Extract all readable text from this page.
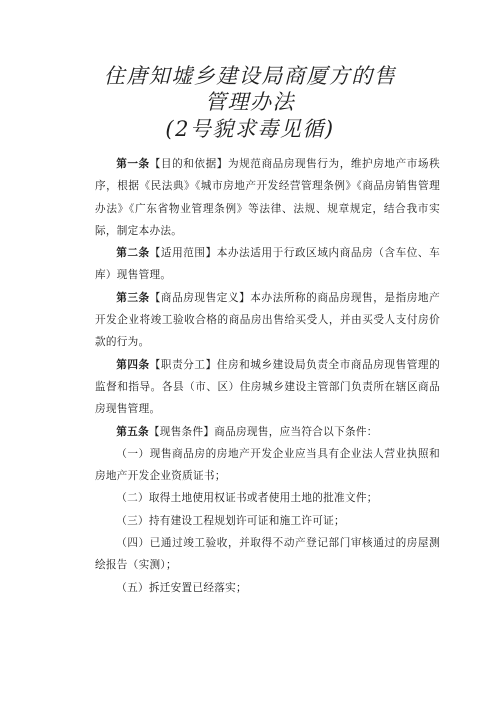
住唐知墟乡建设局商厦方的售
管理办法
(2号貌求毒见循)

第一条【目的和依据】为规范商品房现售行为，维护房地产市场秩序，根据《民法典》《城市房地产开发经营管理条例》《商品房销售管理办法》《广东省物业管理条例》等法律、法规、规章规定，结合我市实际，制定本办法。

第二条【适用范围】本办法适用于行政区域内商品房（含车位、车库）现售管理。

第三条【商品房现售定义】本办法所称的商品房现售，是指房地产开发企业将竣工验收合格的商品房出售给买受人，并由买受人支付房价款的行为。

第四条【职责分工】住房和城乡建设局负责全市商品房现售管理的监督和指导。各县（市、区）住房城乡建设主管部门负责所在辖区商品房现售管理。

第五条【现售条件】商品房现售，应当符合以下条件：

（一）现售商品房的房地产开发企业应当具有企业法人营业执照和房地产开发企业资质证书；

（二）取得土地使用权证书或者使用土地的批准文件；

（三）持有建设工程规划许可证和施工许可证；

（四）已通过竣工验收，并取得不动产登记部门审核通过的房屋测绘报告（实测）；

（五）拆迁安置已经落实；
